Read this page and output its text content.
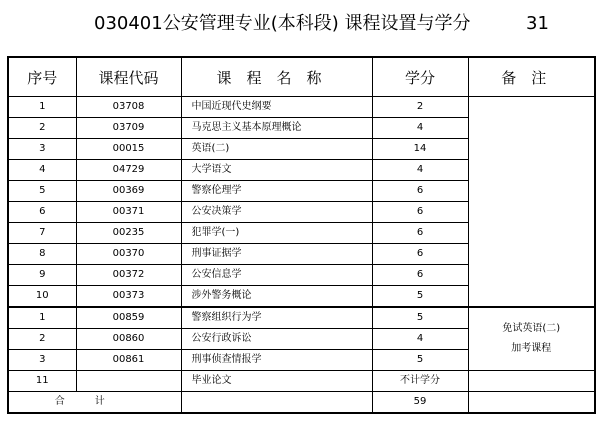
030401公安管理专业(本科段) 课程设置与学分	31
序号	课程代码	课程名称	学分	备注
1	03708	中国近现代史纲要	2	
2	03709	马克思主义基本原理概论	4	
3	00015	英语(二)	14	
4	04729	大学语文	4	
5	00369	警察伦理学	6	
6	00371	公安决策学	6	
7	00235	犯罪学(一)	6	
8	00370	刑事证据学	6	
9	00372	公安信息学	6	
10	00373	涉外警务概论	5	
1	00859	警察组织行为学	5	免试英语(二)
加考课程

2	00860	公安行政诉讼	4	
3	00861	刑事侦查情报学	5	
11		毕业论文	不计学分	
合计			59	
